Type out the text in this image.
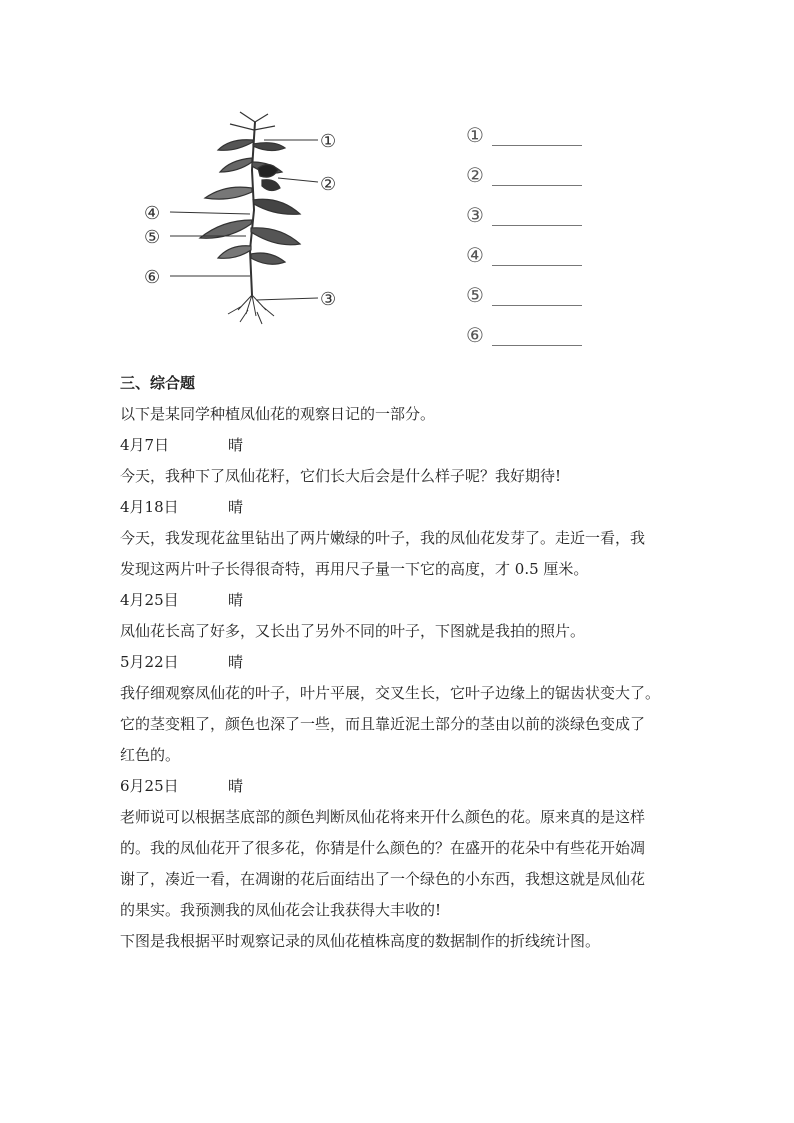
①
②
③
④
⑤
⑥
①
②
③
④
⑤
⑥
三、综合题
以下是某同学种植凤仙花的观察日记的一部分。
4月7日	晴
今天，我种下了凤仙花籽，它们长大后会是什么样子呢？我好期待!
4月18日	晴
今天，我发现花盆里钻出了两片嫩绿的叶子，我的凤仙花发芽了。走近一看，我
发现这两片叶子长得很奇特，再用尺子量一下它的高度，才 0.5 厘米。
4月25目	晴
凤仙花长高了好多，又长出了另外不同的叶子，下图就是我拍的照片。
5月22日	晴
我仔细观察凤仙花的叶子，叶片平展，交叉生长，它叶子边缘上的锯齿状变大了。
它的茎变粗了，颜色也深了一些，而且靠近泥土部分的茎由以前的淡绿色变成了
红色的。
6月25日	晴
老师说可以根据茎底部的颜色判断凤仙花将来开什么颜色的花。原来真的是这样
的。我的凤仙花开了很多花，你猜是什么颜色的？在盛开的花朵中有些花开始凋
谢了，凑近一看，在凋谢的花后面结出了一个绿色的小东西，我想这就是凤仙花
的果实。我预测我的凤仙花会让我获得大丰收的!
下图是我根据平时观察记录的凤仙花植株高度的数据制作的折线统计图。
